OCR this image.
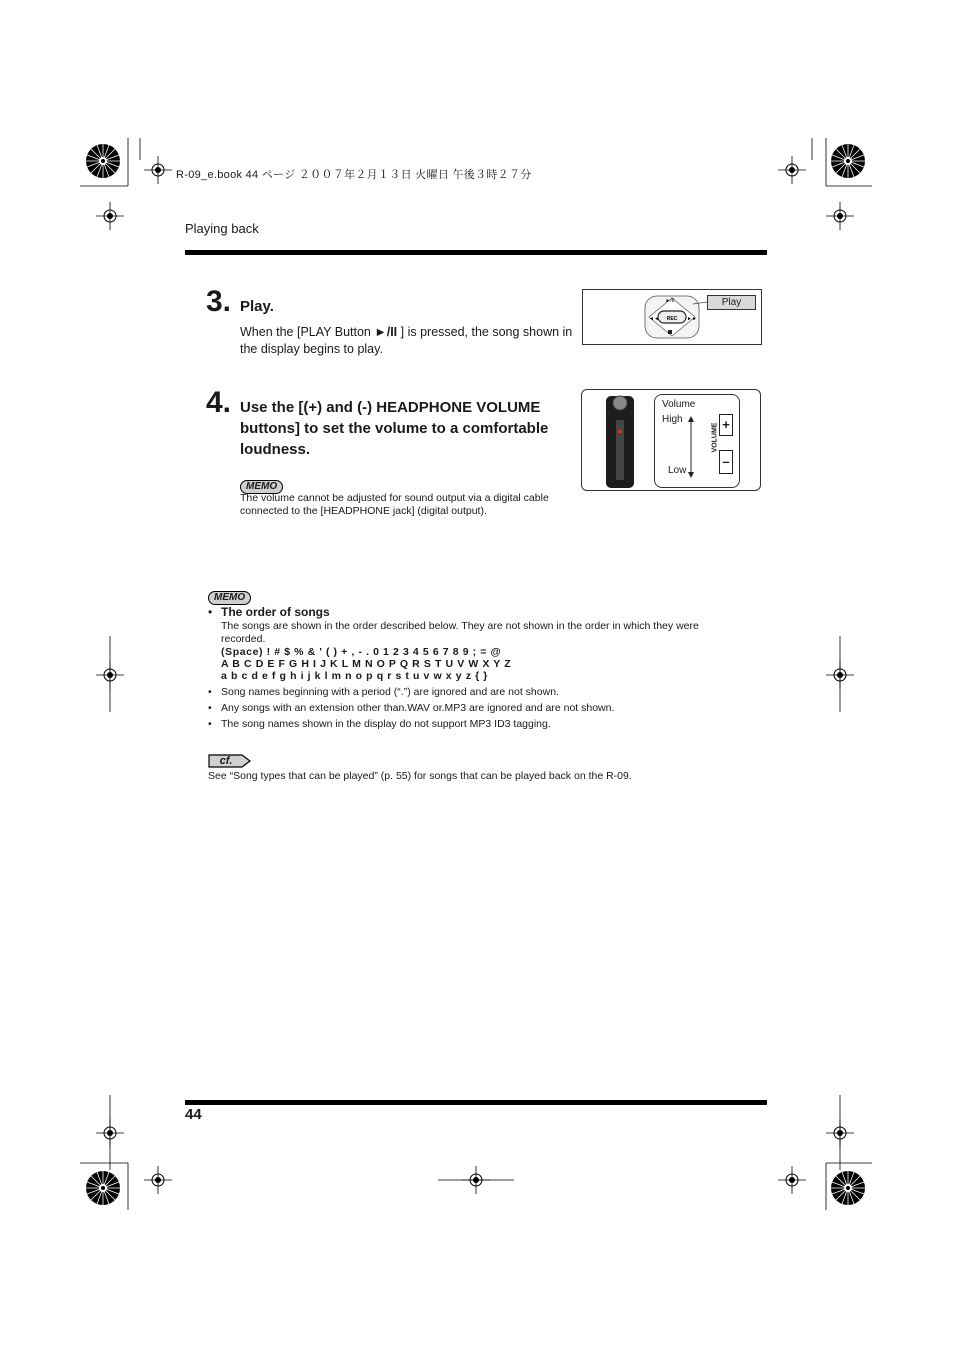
R-09_e.book 44 ページ ２００７年２月１３日 火曜日 午後３時２７分
Playing back
3. Play.
When the [PLAY Button ►/II ] is pressed, the song shown in the display begins to play.
REC
►/II
◄◄	►►
Play
4. Use the [(+) and (-) HEADPHONE VOLUME buttons] to set the volume to a comfortable loudness.
MEMO
The volume cannot be adjusted for sound output via a digital cable connected to the [HEADPHONE jack] (digital output).
Volume
High
Low
VOLUME +
–
MEMO
• The order of songs
The songs are shown in the order described below. They are not shown in the order in which they were recorded.
(Space) ! # $ % & ' ( ) + , - . 0 1 2 3 4 5 6 7 8 9 ; = @
A B C D E F G H I J K L M N O P Q R S T U V W X Y Z
a b c d e f g h i j k l m n o p q r s t u v w x y z { }
• Song names beginning with a period (“.”) are ignored and are not shown.
• Any songs with an extension other than.WAV or.MP3 are ignored and are not shown.
• The song names shown in the display do not support MP3 ID3 tagging.
cf.
See “Song types that can be played” (p. 55) for songs that can be played back on the R-09.
44
